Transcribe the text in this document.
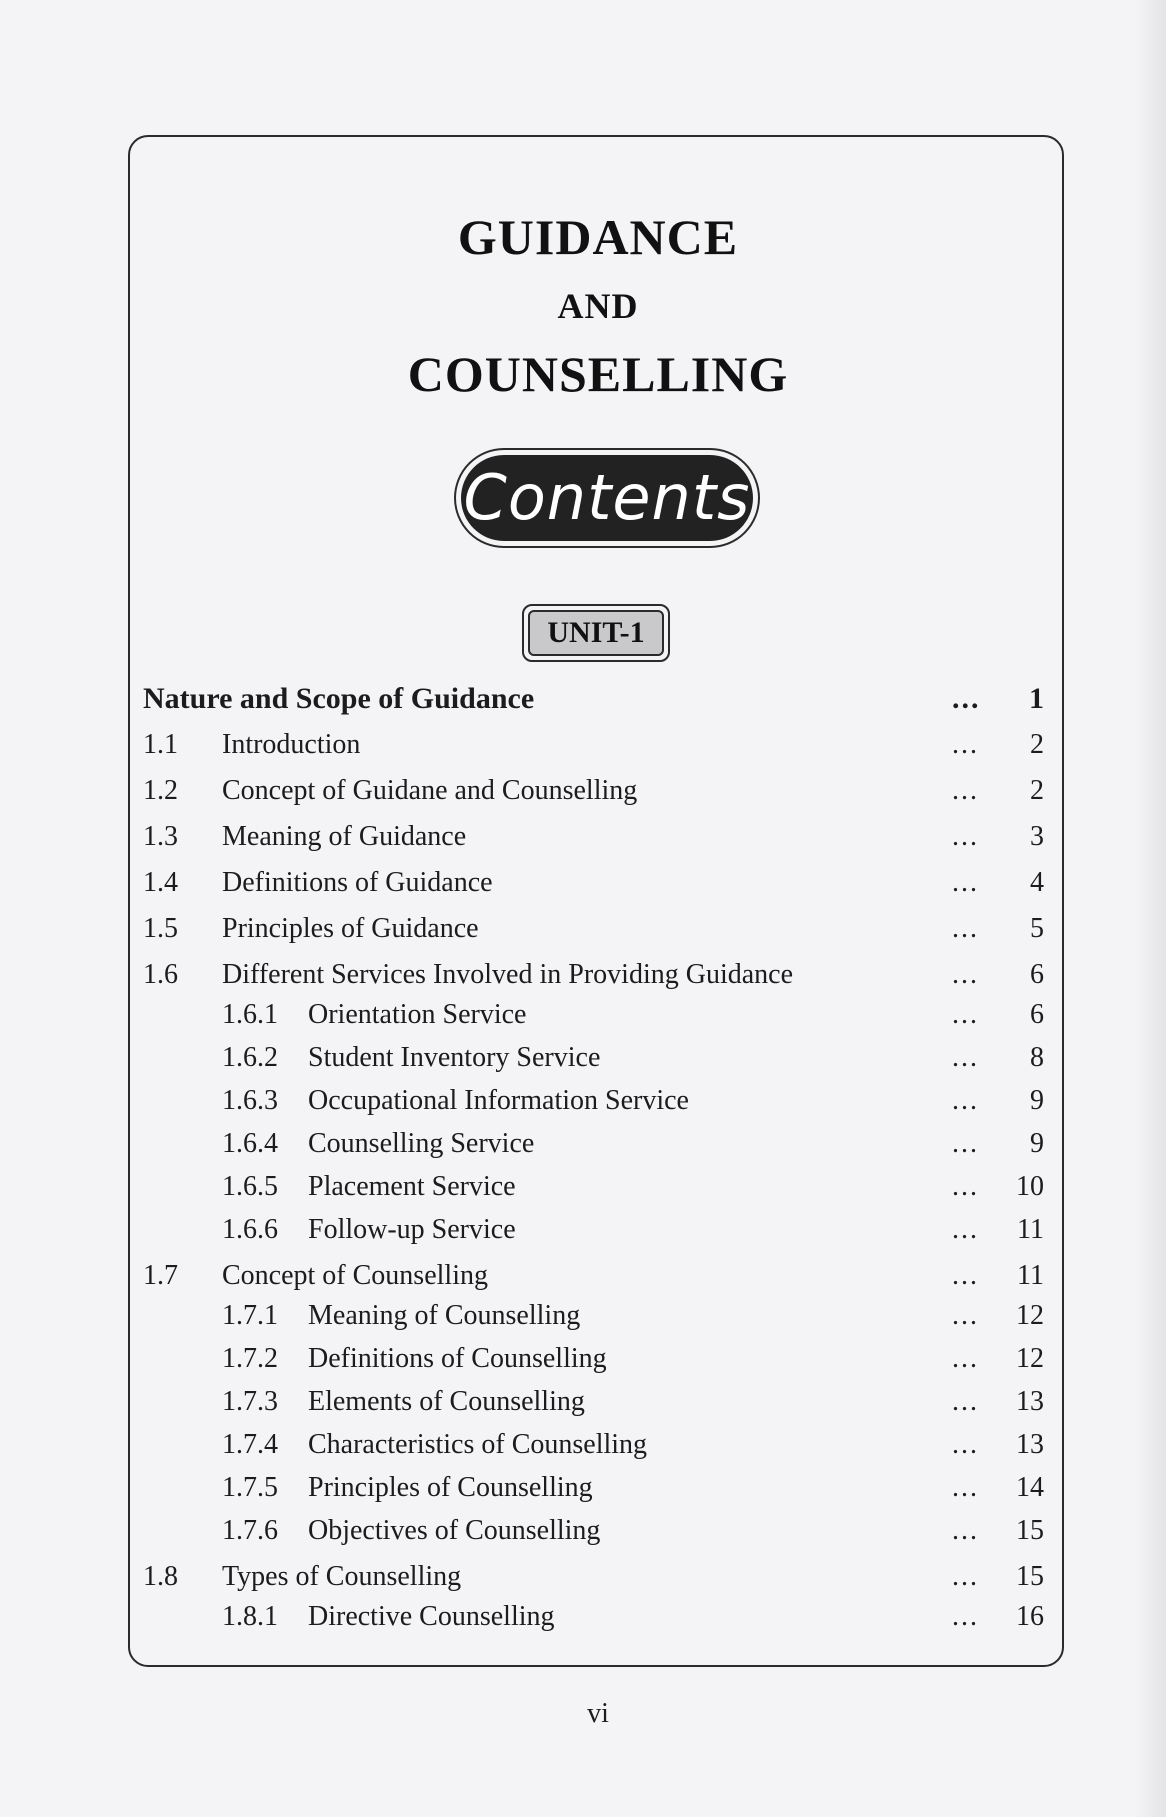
GUIDANCE
AND
COUNSELLING
Contents
UNIT-1
Nature and Scope of Guidance	... 1
1.1 Introduction	... 2
1.2 Concept of Guidane and Counselling	... 2
1.3 Meaning of Guidance	... 3
1.4 Definitions of Guidance	... 4
1.5 Principles of Guidance	... 5
1.6 Different Services Involved in Providing Guidance	... 6
1.6.1 Orientation Service	... 6
1.6.2 Student Inventory Service	... 8
1.6.3 Occupational Information Service	... 9
1.6.4 Counselling Service	... 9
1.6.5 Placement Service	... 10
1.6.6 Follow-up Service	... 11
1.7 Concept of Counselling	... 11
1.7.1 Meaning of Counselling	... 12
1.7.2 Definitions of Counselling	... 12
1.7.3 Elements of Counselling	... 13
1.7.4 Characteristics of Counselling	... 13
1.7.5 Principles of Counselling	... 14
1.7.6 Objectives of Counselling	... 15
1.8 Types of Counselling	... 15
1.8.1 Directive Counselling	... 16
vi
